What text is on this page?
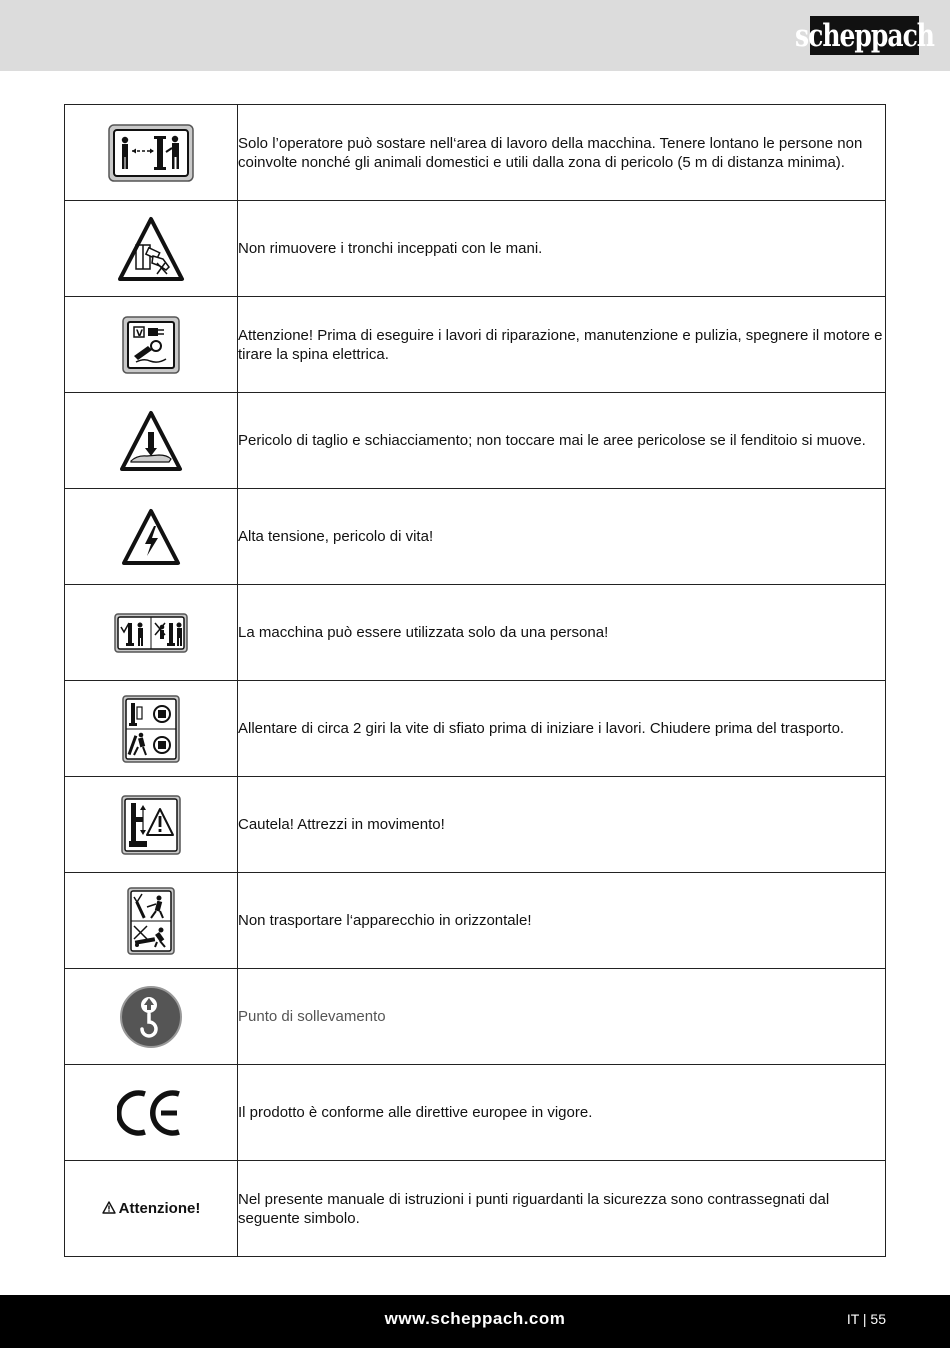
scheppach
	Solo l’operatore può sostare nell‘area di lavoro della macchina. Tenere lontano le persone non coinvolte nonché gli animali domestici e utili dalla zona di pericolo (5 m di distanza minima).

	Non rimuovere i tronchi inceppati con le mani.

V	Attenzione! Prima di eseguire i lavori di riparazione, manutenzione e pulizia, spegnere il motore e tirare la spina elettrica.

	Pericolo di taglio e schiacciamento; non toccare mai le aree pericolose se il fenditoio si muove.

	Alta tensione, pericolo di vita!

	La macchina può essere utilizzata solo da una persona!

	Allentare di circa 2 giri la vite di sfiato prima di iniziare i lavori. Chiudere prima del trasporto.

	Cautela! Attrezzi in movimento!

	Non trasportare l‘apparecchio in orizzontale!

	Punto di sollevamento

	Il prodotto è conforme alle direttive europee in vigore.
Attenzione!	Nel presente manuale di istruzioni i punti riguardanti la sicurezza sono contrassegnati dal seguente simbolo.
www.scheppach.com	IT | 55
